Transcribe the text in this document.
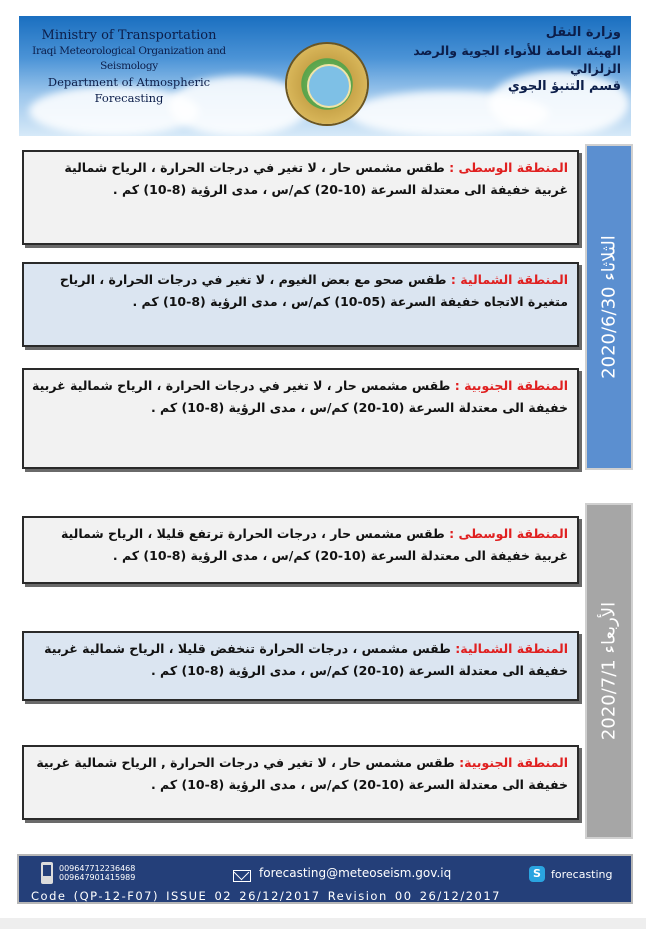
Ministry of Transportation
Iraqi Meteorological Organization and Seismology
Department of Atmospheric Forecasting
وزارة النقل
الهيئة العامة للأنواء الجوية والرصد الزلزالي
قسم التنبؤ الجوي
الثلاثاء 2020/6/30
المنطقة الوسطى : طقس مشمس حار ، لا تغير في درجات الحرارة ، الرياح شمالية غربية خفيفة الى معتدلة السرعة (10-20) كم/س ، مدى الرؤية (8-10) كم .
المنطقة الشمالية : طقس صحو مع بعض الغيوم ، لا تغير في درجات الحرارة ، الرياح متغيرة الاتجاه خفيفة السرعة (05-10) كم/س ، مدى الرؤية (8-10) كم .
المنطقة الجنوبية : طقس مشمس حار ، لا تغير في درجات الحرارة ، الرياح شمالية غربية خفيفة الى معتدلة السرعة (10-20) كم/س ، مدى الرؤية (8-10) كم .
الأربعاء 2020/7/1
المنطقة الوسطى : طقس مشمس حار ، درجات الحرارة ترتفع قليلا ، الرياح شمالية غربية خفيفة الى معتدلة السرعة (10-20) كم/س ، مدى الرؤية (8-10) كم .
المنطقة الشمالية: طقس مشمس ، درجات الحرارة تنخفض قليلا ، الرياح شمالية غربية خفيفة الى معتدلة السرعة (10-20) كم/س ، مدى الرؤية (8-10) كم .
المنطقة الجنوبية: طقس مشمس حار ، لا تغير في درجات الحرارة , الرياح شمالية غربية خفيفة الى معتدلة السرعة (10-20) كم/س ، مدى الرؤية (8-10) كم .
009647712236468
009647901415989	forecasting@meteoseism.gov.iq	S forecasting
Code (QP-12-F07) ISSUE 02 26/12/2017 Revision 00 26/12/2017
